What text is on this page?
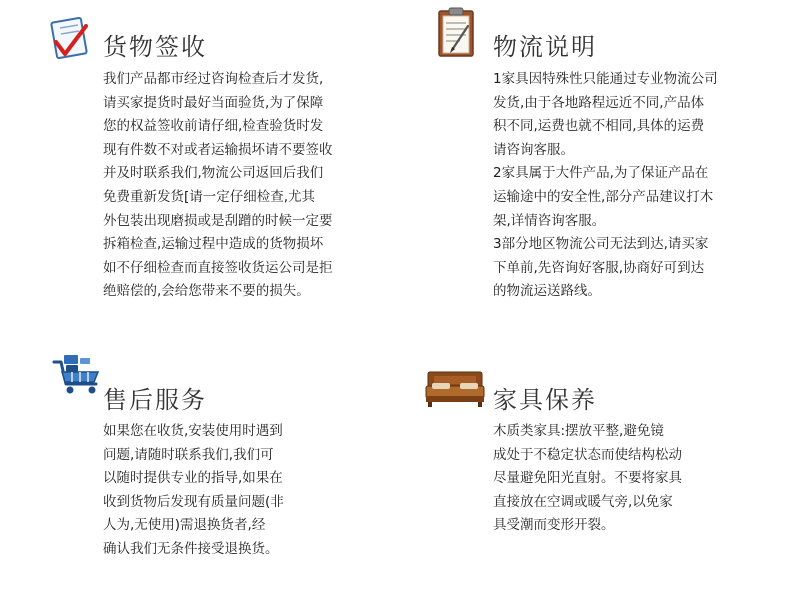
货物签收
我们产品都市经过咨询检查后才发货,
请买家提货时最好当面验货,为了保障
您的权益签收前请仔细,检查验货时发
现有件数不对或者运输损坏请不要签收
并及时联系我们,物流公司返回后我们
免费重新发货[请一定仔细检查,尤其
外包装出现磨损或是刮蹭的时候一定要
拆箱检查,运输过程中造成的货物损坏
如不仔细检查而直接签收货运公司是拒
绝赔偿的,会给您带来不要的损失。
物流说明
1家具因特殊性只能通过专业物流公司
发货,由于各地路程远近不同,产品体
积不同,运费也就不相同,具体的运费
请咨询客服。
2家具属于大件产品,为了保证产品在
运输途中的安全性,部分产品建议打木
架,详情咨询客服。
3部分地区物流公司无法到达,请买家
下单前,先咨询好客服,协商好可到达
的物流运送路线。
售后服务
如果您在收货,安装使用时遇到
问题,请随时联系我们,我们可
以随时提供专业的指导,如果在
收到货物后发现有质量问题(非
人为,无使用)需退换货者,经
确认我们无条件接受退换货。
家具保养
木质类家具:摆放平整,避免镜
成处于不稳定状态而使结构松动
尽量避免阳光直射。不要将家具
直接放在空调或暖气旁,以免家
具受潮而变形开裂。
